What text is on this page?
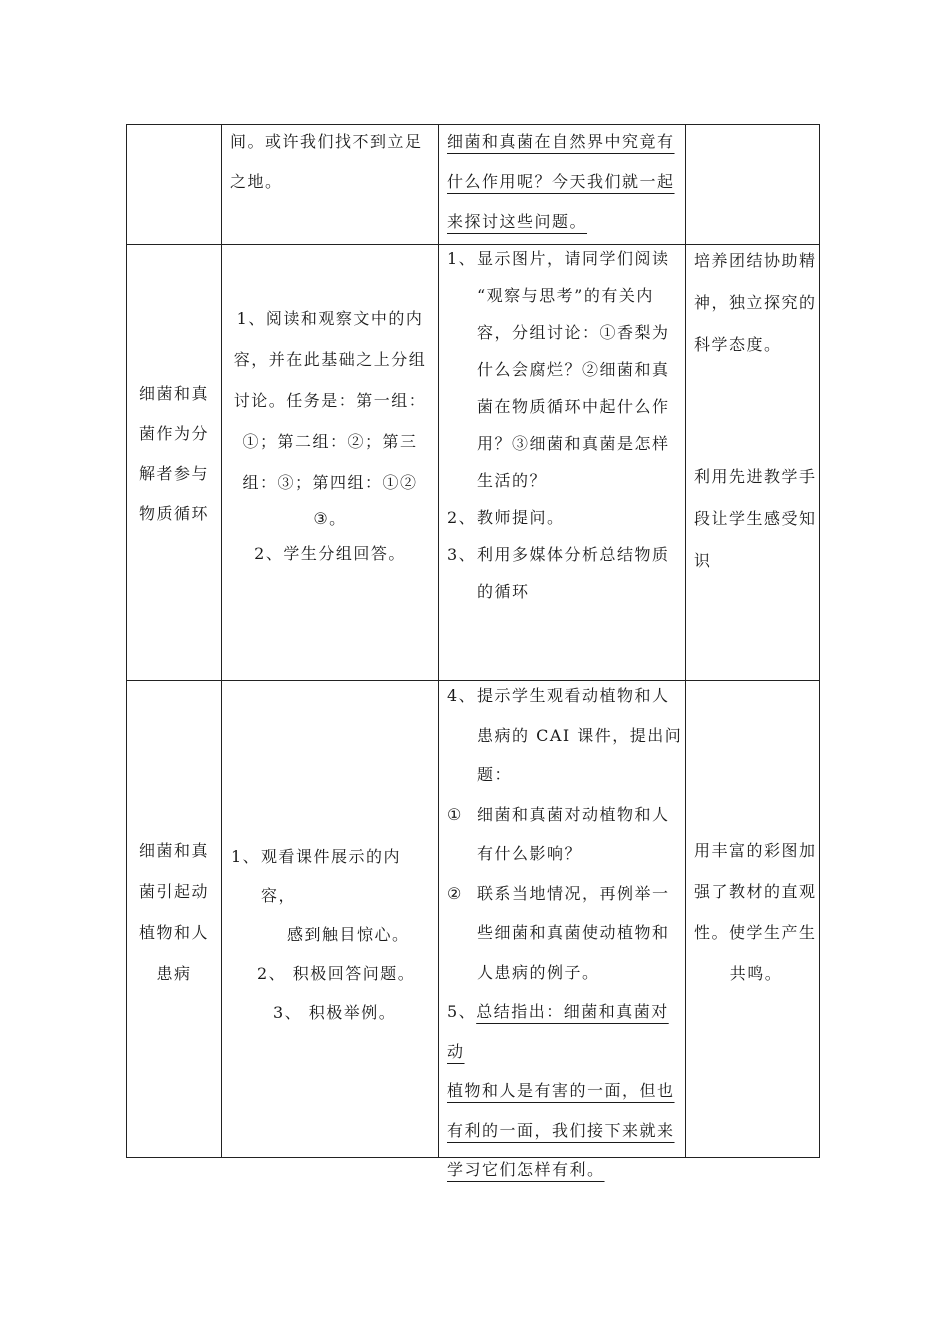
间。或许我们找不到立足

之地。

细菌和真菌在自然界中究竟有

什么作用呢？今天我们就一起

来探讨这些问题。

细菌和真

菌作为分

解者参与

物质循环

1、阅读和观察文中的内

容，并在此基础之上分组

讨论。任务是：第一组：

①；第二组：②；第三

组：③；第四组：①②

③。

2、学生分组回答。

1、 显示图片，请同学们阅读

“观察与思考”的有关内

容，分组讨论：①香梨为

什么会腐烂？②细菌和真

菌在物质循环中起什么作

用？③细菌和真菌是怎样

生活的？

2、 教师提问。
3、 利用多媒体分析总结物质

的循环

培养团结协助精

神，独立探究的

科学态度。

利用先进教学手

段让学生感受知

识

细菌和真

菌引起动

植物和人

患病

1、 观看课件展示的内容，

感到触目惊心。

2、 积极回答问题。

3、 积极举例。

4、 提示学生观看动植物和人

患病的 CAI 课件，提出问

题：

① 细菌和真菌对动植物和人

有什么影响？

② 联系当地情况，再例举一

些细菌和真菌使动植物和

人患病的例子。

5、总结指出：细菌和真菌对动

植物和人是有害的一面，但也

有利的一面，我们接下来就来

学习它们怎样有利。

用丰富的彩图加

强了教材的直观

性。使学生产生

共鸣。
